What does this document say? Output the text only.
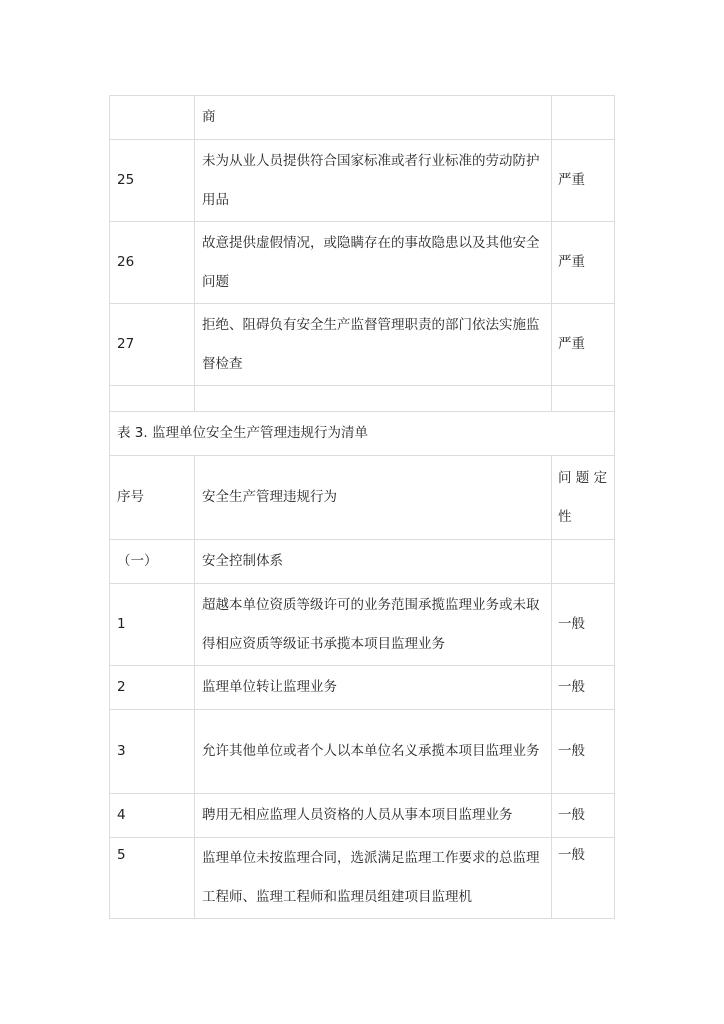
	商	
25	未为从业人员提供符合国家标准或者行业标准的劳动防护用品	严重
26	故意提供虚假情况，或隐瞒存在的事故隐患以及其他安全问题	严重
27	拒绝、阻碍负有安全生产监督管理职责的部门依法实施监督检查	严重

表 3. 监理单位安全生产管理违规行为清单		
序号	安全生产管理违规行为	问 题 定性
（一）	安全控制体系	
1	超越本单位资质等级许可的业务范围承揽监理业务或未取得相应资质等级证书承揽本项目监理业务	一般
2	监理单位转让监理业务	一般
3	允许其他单位或者个人以本单位名义承揽本项目监理业务	一般
4	聘用无相应监理人员资格的人员从事本项目监理业务	一般
5	监理单位未按监理合同，选派满足监理工作要求的总监理工程师、监理工程师和监理员组建项目监理机	一般
